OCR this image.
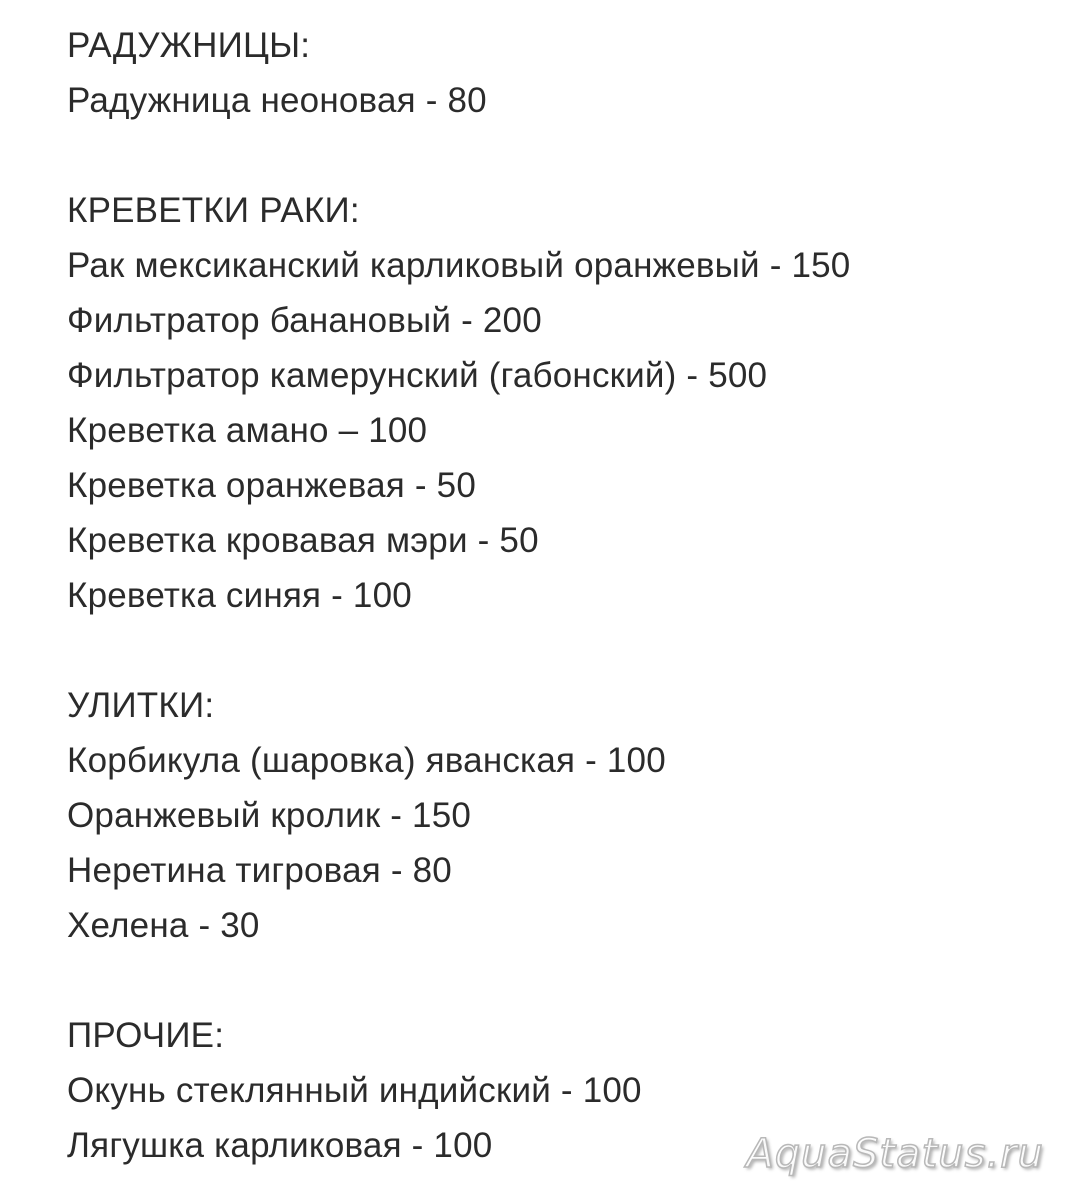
РАДУЖНИЦЫ:
Радужница неоновая - 80
КРЕВЕТКИ РАКИ:
Рак мексиканский карликовый оранжевый - 150
Фильтратор банановый - 200
Фильтратор камерунский (габонский) - 500
Креветка амано – 100
Креветка оранжевая - 50
Креветка кровавая мэри - 50
Креветка синяя - 100
УЛИТКИ:
Корбикула (шаровка) яванская - 100
Оранжевый кролик - 150
Неретина тигровая - 80
Хелена - 30
ПРОЧИЕ:
Окунь стеклянный индийский - 100
Лягушка карликовая - 100	AquaStatus.ru
